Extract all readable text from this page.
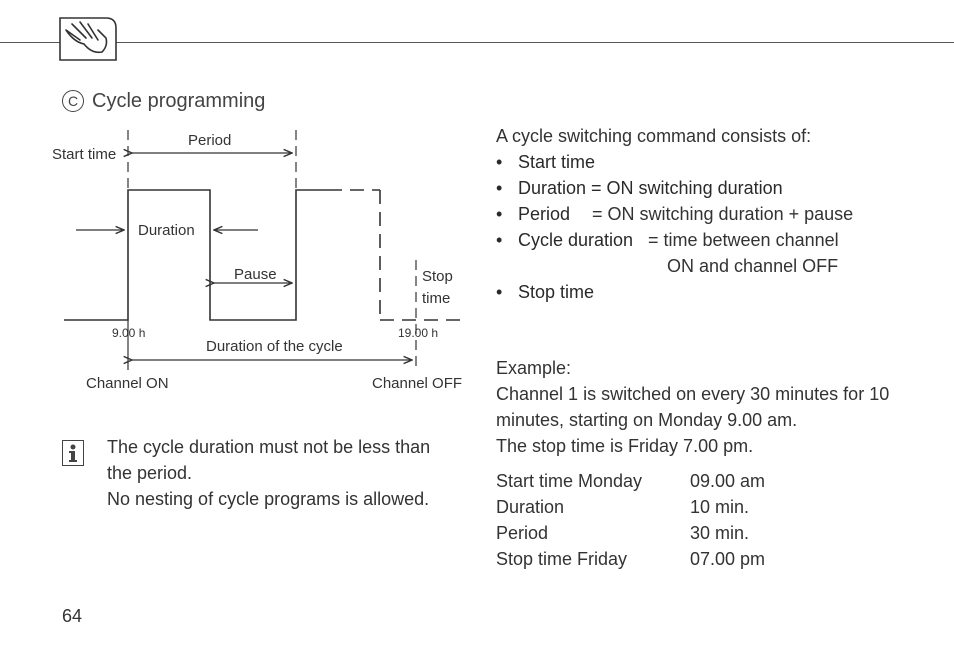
C Cycle programming
Period
Start time
Duration
Pause	Stop
time
9.00 h	19.00 h
Duration of the cycle
Channel ON	Channel OFF
The cycle duration must not be less than
the period.
No nesting of cycle programs is allowed.
A cycle switching command consists of:
• Start time
• Duration = ON switching duration
• Period = ON switching duration + pause
• Cycle duration = time between channel
ON and channel OFF
• Stop time
Example:
Channel 1 is switched on every 30 minutes for 10
minutes, starting on Monday 9.00 am.
The stop time is Friday 7.00 pm.
Start time Monday	09.00 am
Duration	10 min.
Period	30 min.
Stop time Friday	07.00 pm
64
